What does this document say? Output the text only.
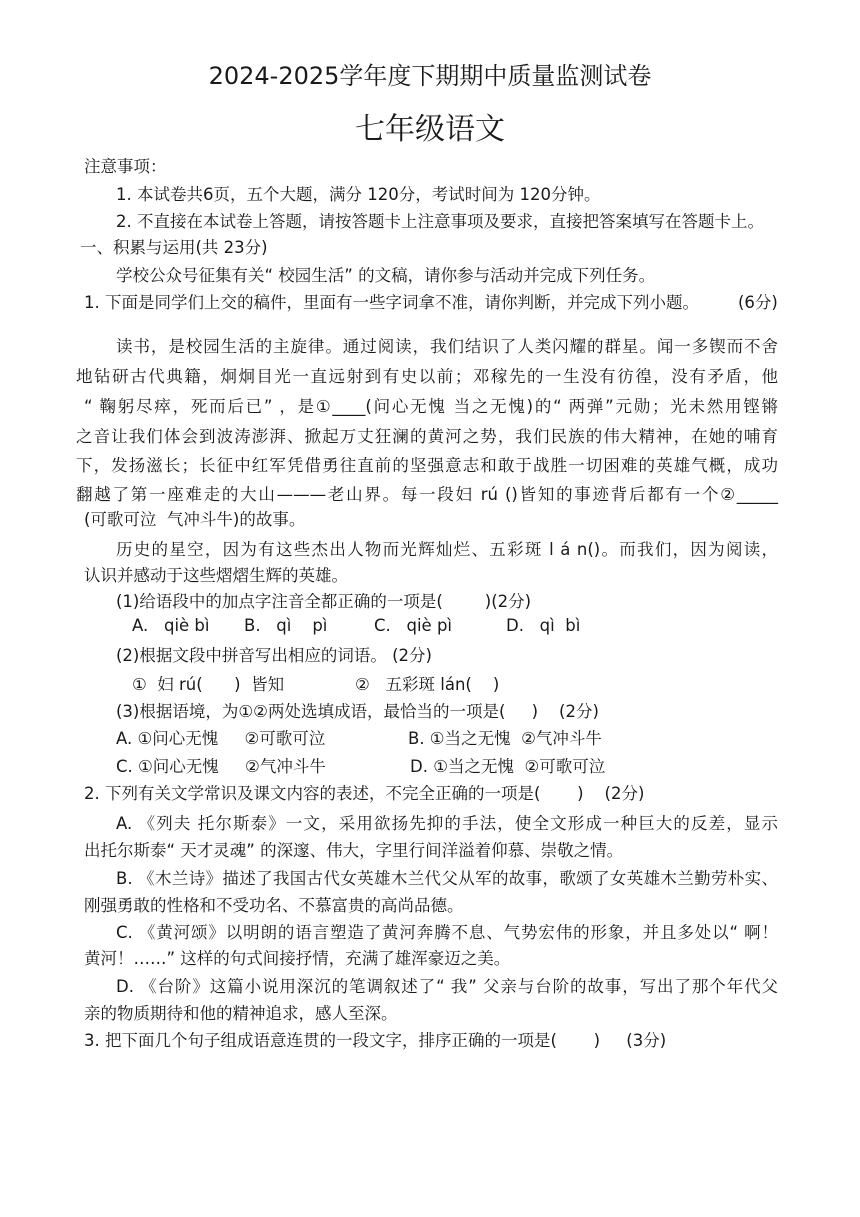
2024-2025学年度下期期中质量监测试卷
七年级语文
注意事项：
1. 本试卷共6页，五个大题，满分 120分，考试时间为 120分钟。
2. 不直接在本试卷上答题，请按答题卡上注意事项及要求，直接把答案填写在答题卡上。
一、积累与运用(共 23分)
学校公众号征集有关“ 校园生活” 的文稿，请你参与活动并完成下列任务。
1. 下面是同学们上交的稿件，里面有一些字词拿不准，请你判断，并完成下列小题。 (6分)
读书，是校园生活的主旋律。通过阅读，我们结识了人类闪耀的群星。闻一多锲而不舍
地钻研古代典籍，炯炯目光一直远射到有史以前；邓稼先的一生没有彷徨，没有矛盾，他
“ 鞠躬尽瘁，死而后已” ，是①____(问心无愧 当之无愧)的“ 两弹”元勋；光未然用铿锵
之音让我们体会到波涛澎湃、掀起万丈狂澜的黄河之势，我们民族的伟大精神，在她的哺育
下，发扬滋长；长征中红军凭借勇往直前的坚强意志和敢于战胜一切困难的英雄气概，成功
翻越了第一座难走的大山———老山界。每一段妇 rú ()皆知的事迹背后都有一个②_____
(可歌可泣  气冲斗牛)的故事。
历史的星空，因为有这些杰出人物而光辉灿烂、五彩斑 l á n()。而我们，因为阅读，
认识并感动于这些熠熠生辉的英雄。
(1)给语段中的加点字注音全都正确的一项是(        )(2分)
A.   qiè bì B.   qì    pì	C.   qiè pì	D.   qì  bì
(2)根据文段中拼音写出相应的词语。 (2分)
①  妇 rú(      )  皆知	②   五彩斑 lán(    )
(3)根据语境，为①②两处选填成语，最恰当的一项是(     )    (2分)
A. ①问心无愧     ②可歌可泣	B. ①当之无愧  ②气冲斗牛
C. ①问心无愧     ②气冲斗牛	D. ①当之无愧  ②可歌可泣
2. 下列有关文学常识及课文内容的表述，不完全正确的一项是(       )    (2分)
A. 《列夫 托尔斯泰》一文，采用欲扬先抑的手法，使全文形成一种巨大的反差，显示
出托尔斯泰“ 天才灵魂” 的深邃、伟大，字里行间洋溢着仰慕、崇敬之情。
B. 《木兰诗》描述了我国古代女英雄木兰代父从军的故事，歌颂了女英雄木兰勤劳朴实、
刚强勇敢的性格和不受功名、不慕富贵的高尚品德。
C. 《黄河颂》以明朗的语言塑造了黄河奔腾不息、气势宏伟的形象，并且多处以“ 啊！
黄河！……” 这样的句式间接抒情，充满了雄浑豪迈之美。
D. 《台阶》这篇小说用深沉的笔调叙述了“ 我” 父亲与台阶的故事，写出了那个年代父
亲的物质期待和他的精神追求，感人至深。
3. 把下面几个句子组成语意连贯的一段文字，排序正确的一项是(       )     (3分)
